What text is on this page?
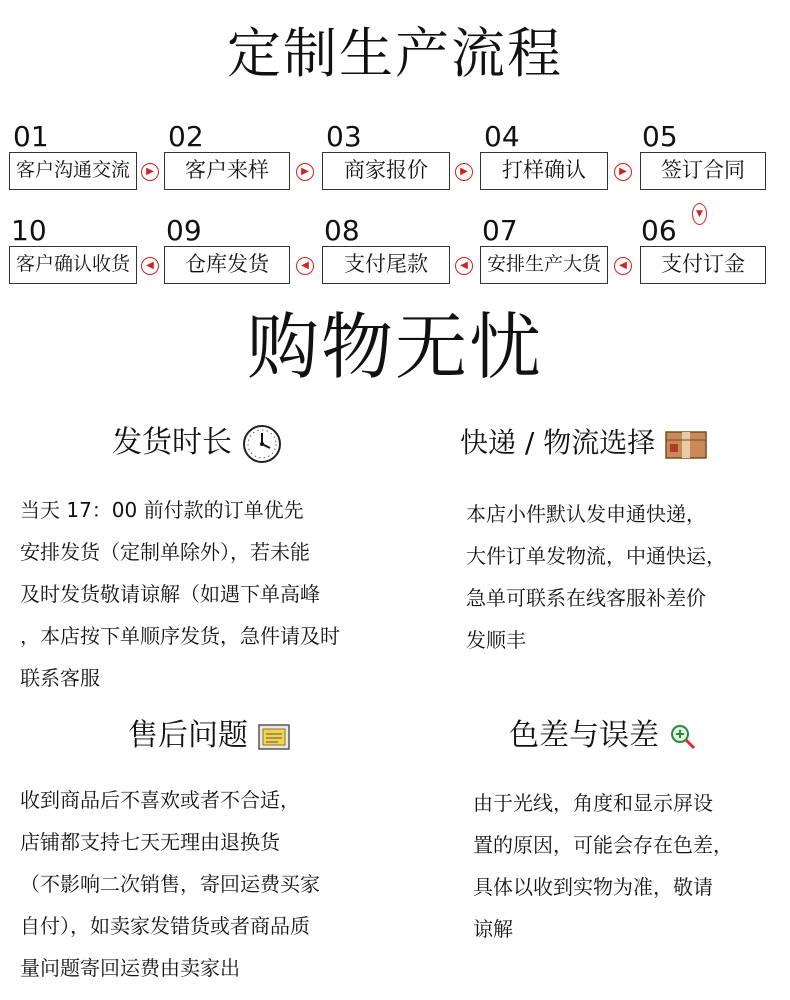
定制生产流程
01	02	03	04	05
客户沟通交流	客户来样	商家报价	打样确认	签订合同
▶	▶	▶	▶
▼
10	09	08	07	06
客户确认收货	仓库发货	支付尾款	安排生产大货	支付订金
◀	◀	◀	◀
购物无忧
发货时长
当天 17：00 前付款的订单优先
安排发货（定制单除外），若未能
及时发货敬请谅解（如遇下单高峰
，本店按下单顺序发货，急件请及时
联系客服
快递 / 物流选择
本店小件默认发申通快递，
大件订单发物流，中通快运，
急单可联系在线客服补差价
发顺丰
售后问题
收到商品后不喜欢或者不合适，
店铺都支持七天无理由退换货
（不影响二次销售，寄回运费买家
自付），如卖家发错货或者商品质
量问题寄回运费由卖家出
色差与误差
由于光线，角度和显示屏设
置的原因，可能会存在色差，
具体以收到实物为准，敬请
谅解
